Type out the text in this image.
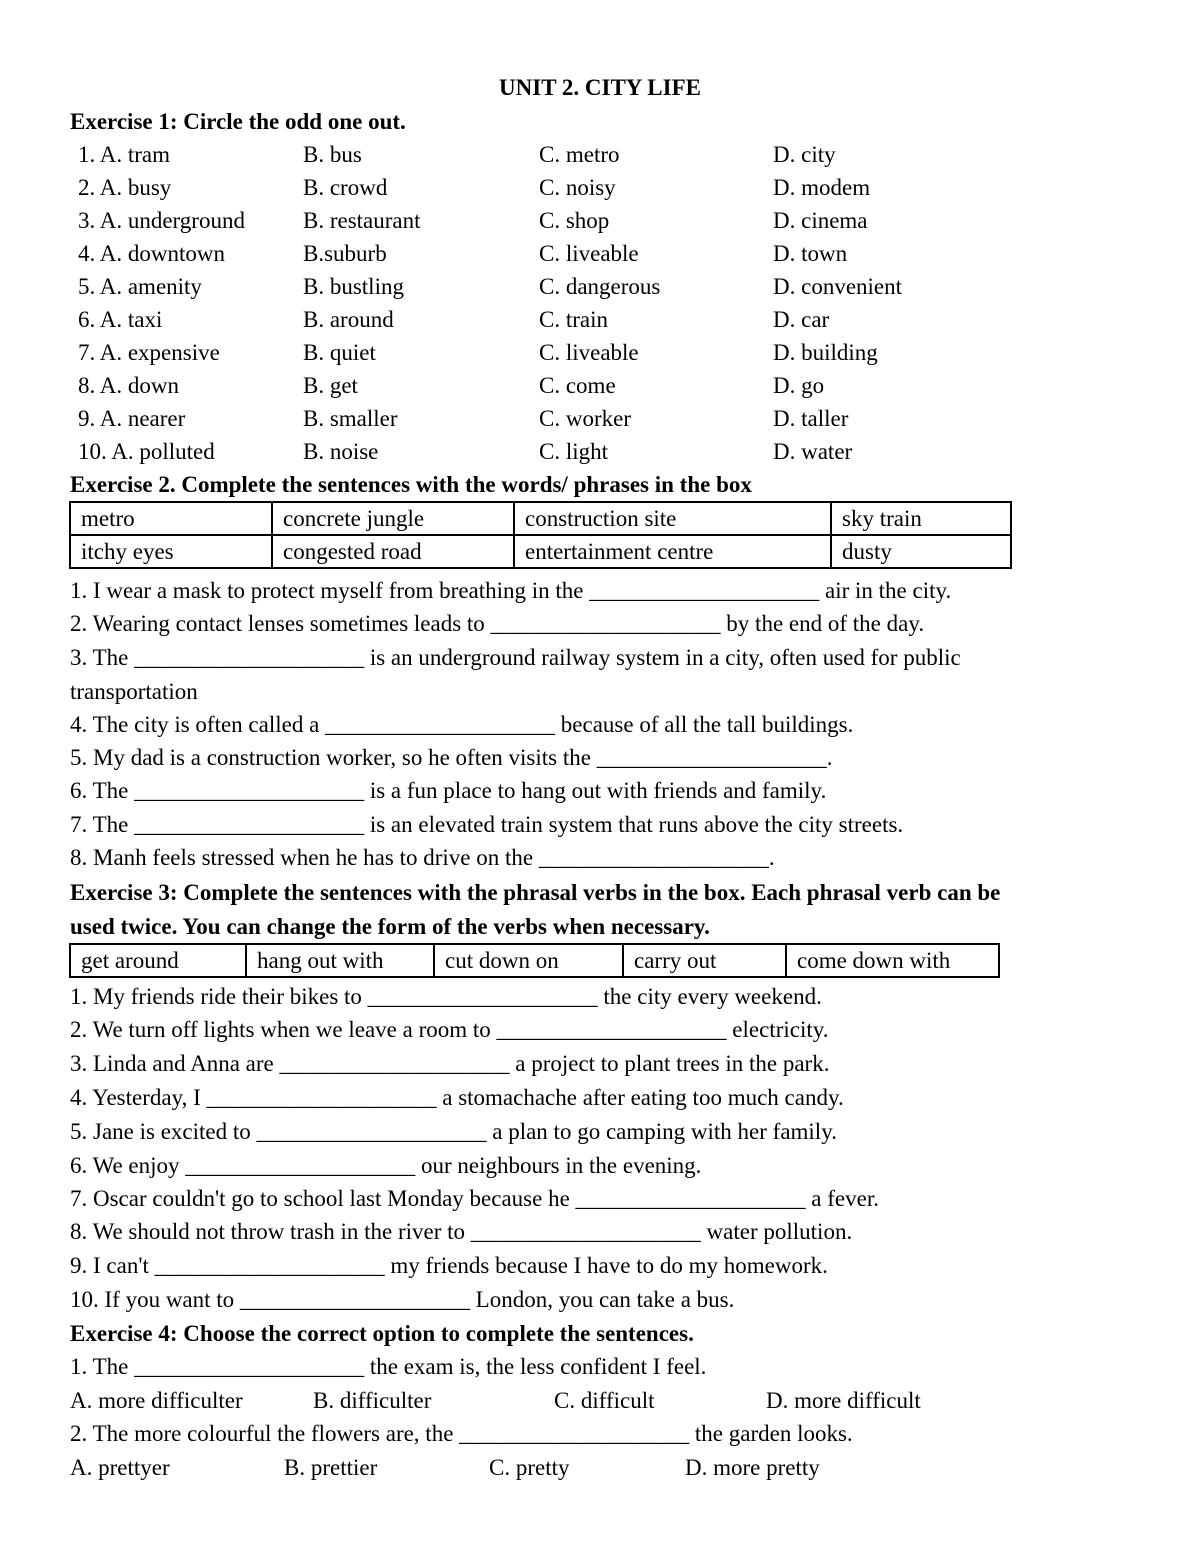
UNIT 2. CITY LIFE
Exercise 1: Circle the odd one out.
1. A. tram	B. bus	C. metro	D. city
2. A. busy	B. crowd	C. noisy	D. modem
3. A. underground	B. restaurant	C. shop	D. cinema
4. A. downtown	B.suburb	C. liveable	D. town
5. A. amenity	B. bustling	C. dangerous	D. convenient
6. A. taxi	B. around	C. train	D. car
7. A. expensive	B. quiet	C. liveable	D. building
8. A. down	B. get	C. come	D. go
9. A. nearer	B. smaller	C. worker	D. taller
10. A. polluted	B. noise	C. light	D. water
Exercise 2. Complete the sentences with the words/ phrases in the box
metro	concrete jungle	construction site	sky train
itchy eyes	congested road	entertainment centre	dusty
1. I wear a mask to protect myself from breathing in the ____________________ air in the city.
2. Wearing contact lenses sometimes leads to ____________________ by the end of the day.
3. The ____________________ is an underground railway system in a city, often used for public
transportation
4. The city is often called a ____________________ because of all the tall buildings.
5. My dad is a construction worker, so he often visits the ____________________.
6. The ____________________ is a fun place to hang out with friends and family.
7. The ____________________ is an elevated train system that runs above the city streets.
8. Manh feels stressed when he has to drive on the ____________________.
Exercise 3: Complete the sentences with the phrasal verbs in the box. Each phrasal verb can be
used twice. You can change the form of the verbs when necessary.
get around	hang out with	cut down on	carry out	come down with
1. My friends ride their bikes to ____________________ the city every weekend.
2. We turn off lights when we leave a room to ____________________ electricity.
3. Linda and Anna are ____________________ a project to plant trees in the park.
4. Yesterday, I ____________________ a stomachache after eating too much candy.
5. Jane is excited to ____________________ a plan to go camping with her family.
6. We enjoy ____________________ our neighbours in the evening.
7. Oscar couldn't go to school last Monday because he ____________________ a fever.
8. We should not throw trash in the river to ____________________ water pollution.
9. I can't ____________________ my friends because I have to do my homework.
10. If you want to ____________________ London, you can take a bus.
Exercise 4: Choose the correct option to complete the sentences.
1. The ____________________ the exam is, the less confident I feel.
A. more difficulter	B. difficulter	C. difficult	D. more difficult
2. The more colourful the flowers are, the ____________________ the garden looks.
A. prettyer	B. prettier	C. pretty	D. more pretty
